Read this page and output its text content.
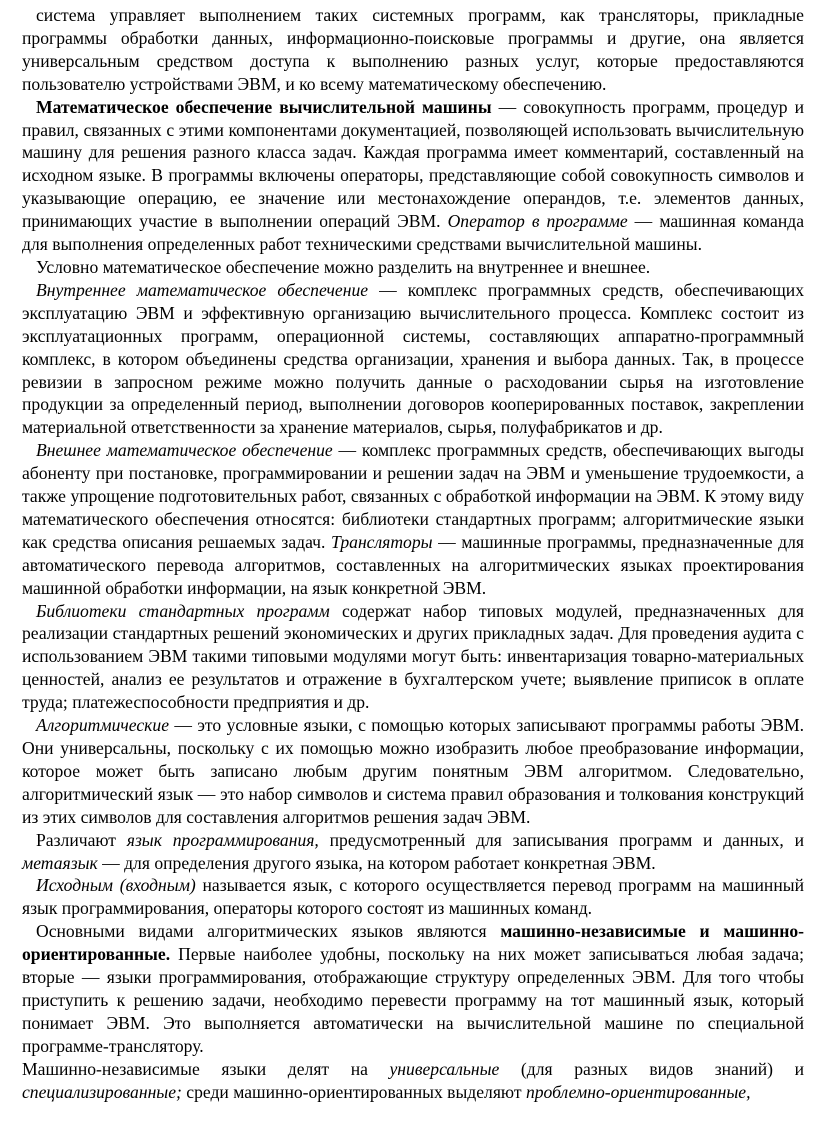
система управляет выполнением таких системных программ, как трансляторы, прикладные программы обработки данных, информационно-поисковые программы и другие, она является универсальным средством доступа к выполнению разных услуг, которые предоставляются пользователю устройствами ЭВМ, и ко всему математическому обеспечению.

Математическое обеспечение вычислительной машины — совокупность программ, процедур и правил, связанных с этими компонентами документацией, позволяющей использовать вычислительную машину для решения разного класса задач. Каждая программа имеет комментарий, составленный на исходном языке. В программы включены операторы, представляющие собой совокупность символов и указывающие операцию, ее значение или местонахождение операндов, т.е. элементов данных, принимающих участие в выполнении операций ЭВМ. Оператор в программе — машинная команда для выполнения определенных работ техническими средствами вычислительной машины.

Условно математическое обеспечение можно разделить на внутреннее и внешнее.

Внутреннее математическое обеспечение — комплекс программных средств, обеспечивающих эксплуатацию ЭВМ и эффективную организацию вычислительного процесса. Комплекс состоит из эксплуатационных программ, операционной системы, составляющих аппаратно-программный комплекс, в котором объединены средства организации, хранения и выбора данных. Так, в процессе ревизии в запросном режиме можно получить данные о расходовании сырья на изготовление продукции за определенный период, выполнении договоров кооперированных поставок, закреплении материальной ответственности за хранение материалов, сырья, полуфабрикатов и др.

Внешнее математическое обеспечение — комплекс программных средств, обеспечивающих выгоды абоненту при постановке, программировании и решении задач на ЭВМ и уменьшение трудоемкости, а также упрощение подготовительных работ, связанных с обработкой информации на ЭВМ. К этому виду математического обеспечения относятся: библиотеки стандартных программ; алгоритмические языки как средства описания решаемых задач. Трансляторы — машинные программы, предназначенные для автоматического перевода алгоритмов, составленных на алгоритмических языках проектирования машинной обработки информации, на язык конкретной ЭВМ.

Библиотеки стандартных программ содержат набор типовых модулей, предназначенных для реализации стандартных решений экономических и других прикладных задач. Для проведения аудита с использованием ЭВМ такими типовыми модулями могут быть: инвентаризация товарно-материальных ценностей, анализ ее результатов и отражение в бухгалтерском учете; выявление приписок в оплате труда; платежеспособности предприятия и др.

Алгоритмические — это условные языки, с помощью которых записывают программы работы ЭВМ. Они универсальны, поскольку с их помощью можно изобразить любое преобразование информации, которое может быть записано любым другим понятным ЭВМ алгоритмом. Следовательно, алгоритмический язык — это набор символов и система правил образования и толкования конструкций из этих символов для составления алгоритмов решения задач ЭВМ.

Различают язык программирования, предусмотренный для записывания программ и данных, и метаязык — для определения другого языка, на котором работает конкретная ЭВМ.

Исходным (входным) называется язык, с которого осуществляется перевод программ на машинный язык программирования, операторы которого состоят из машинных команд.

Основными видами алгоритмических языков являются машинно-независимые и машинно-ориентированные. Первые наиболее удобны, поскольку на них может записываться любая задача; вторые — языки программирования, отображающие структуру определенных ЭВМ. Для того чтобы приступить к решению задачи, необходимо перевести программу на тот машинный язык, который понимает ЭВМ. Это выполняется автоматически на вычислительной машине по специальной программе-транслятору.

Машинно-независимые языки делят на универсальные (для разных видов знаний) и специализированные; среди машинно-ориентированных выделяют проблемно-ориентированные,
